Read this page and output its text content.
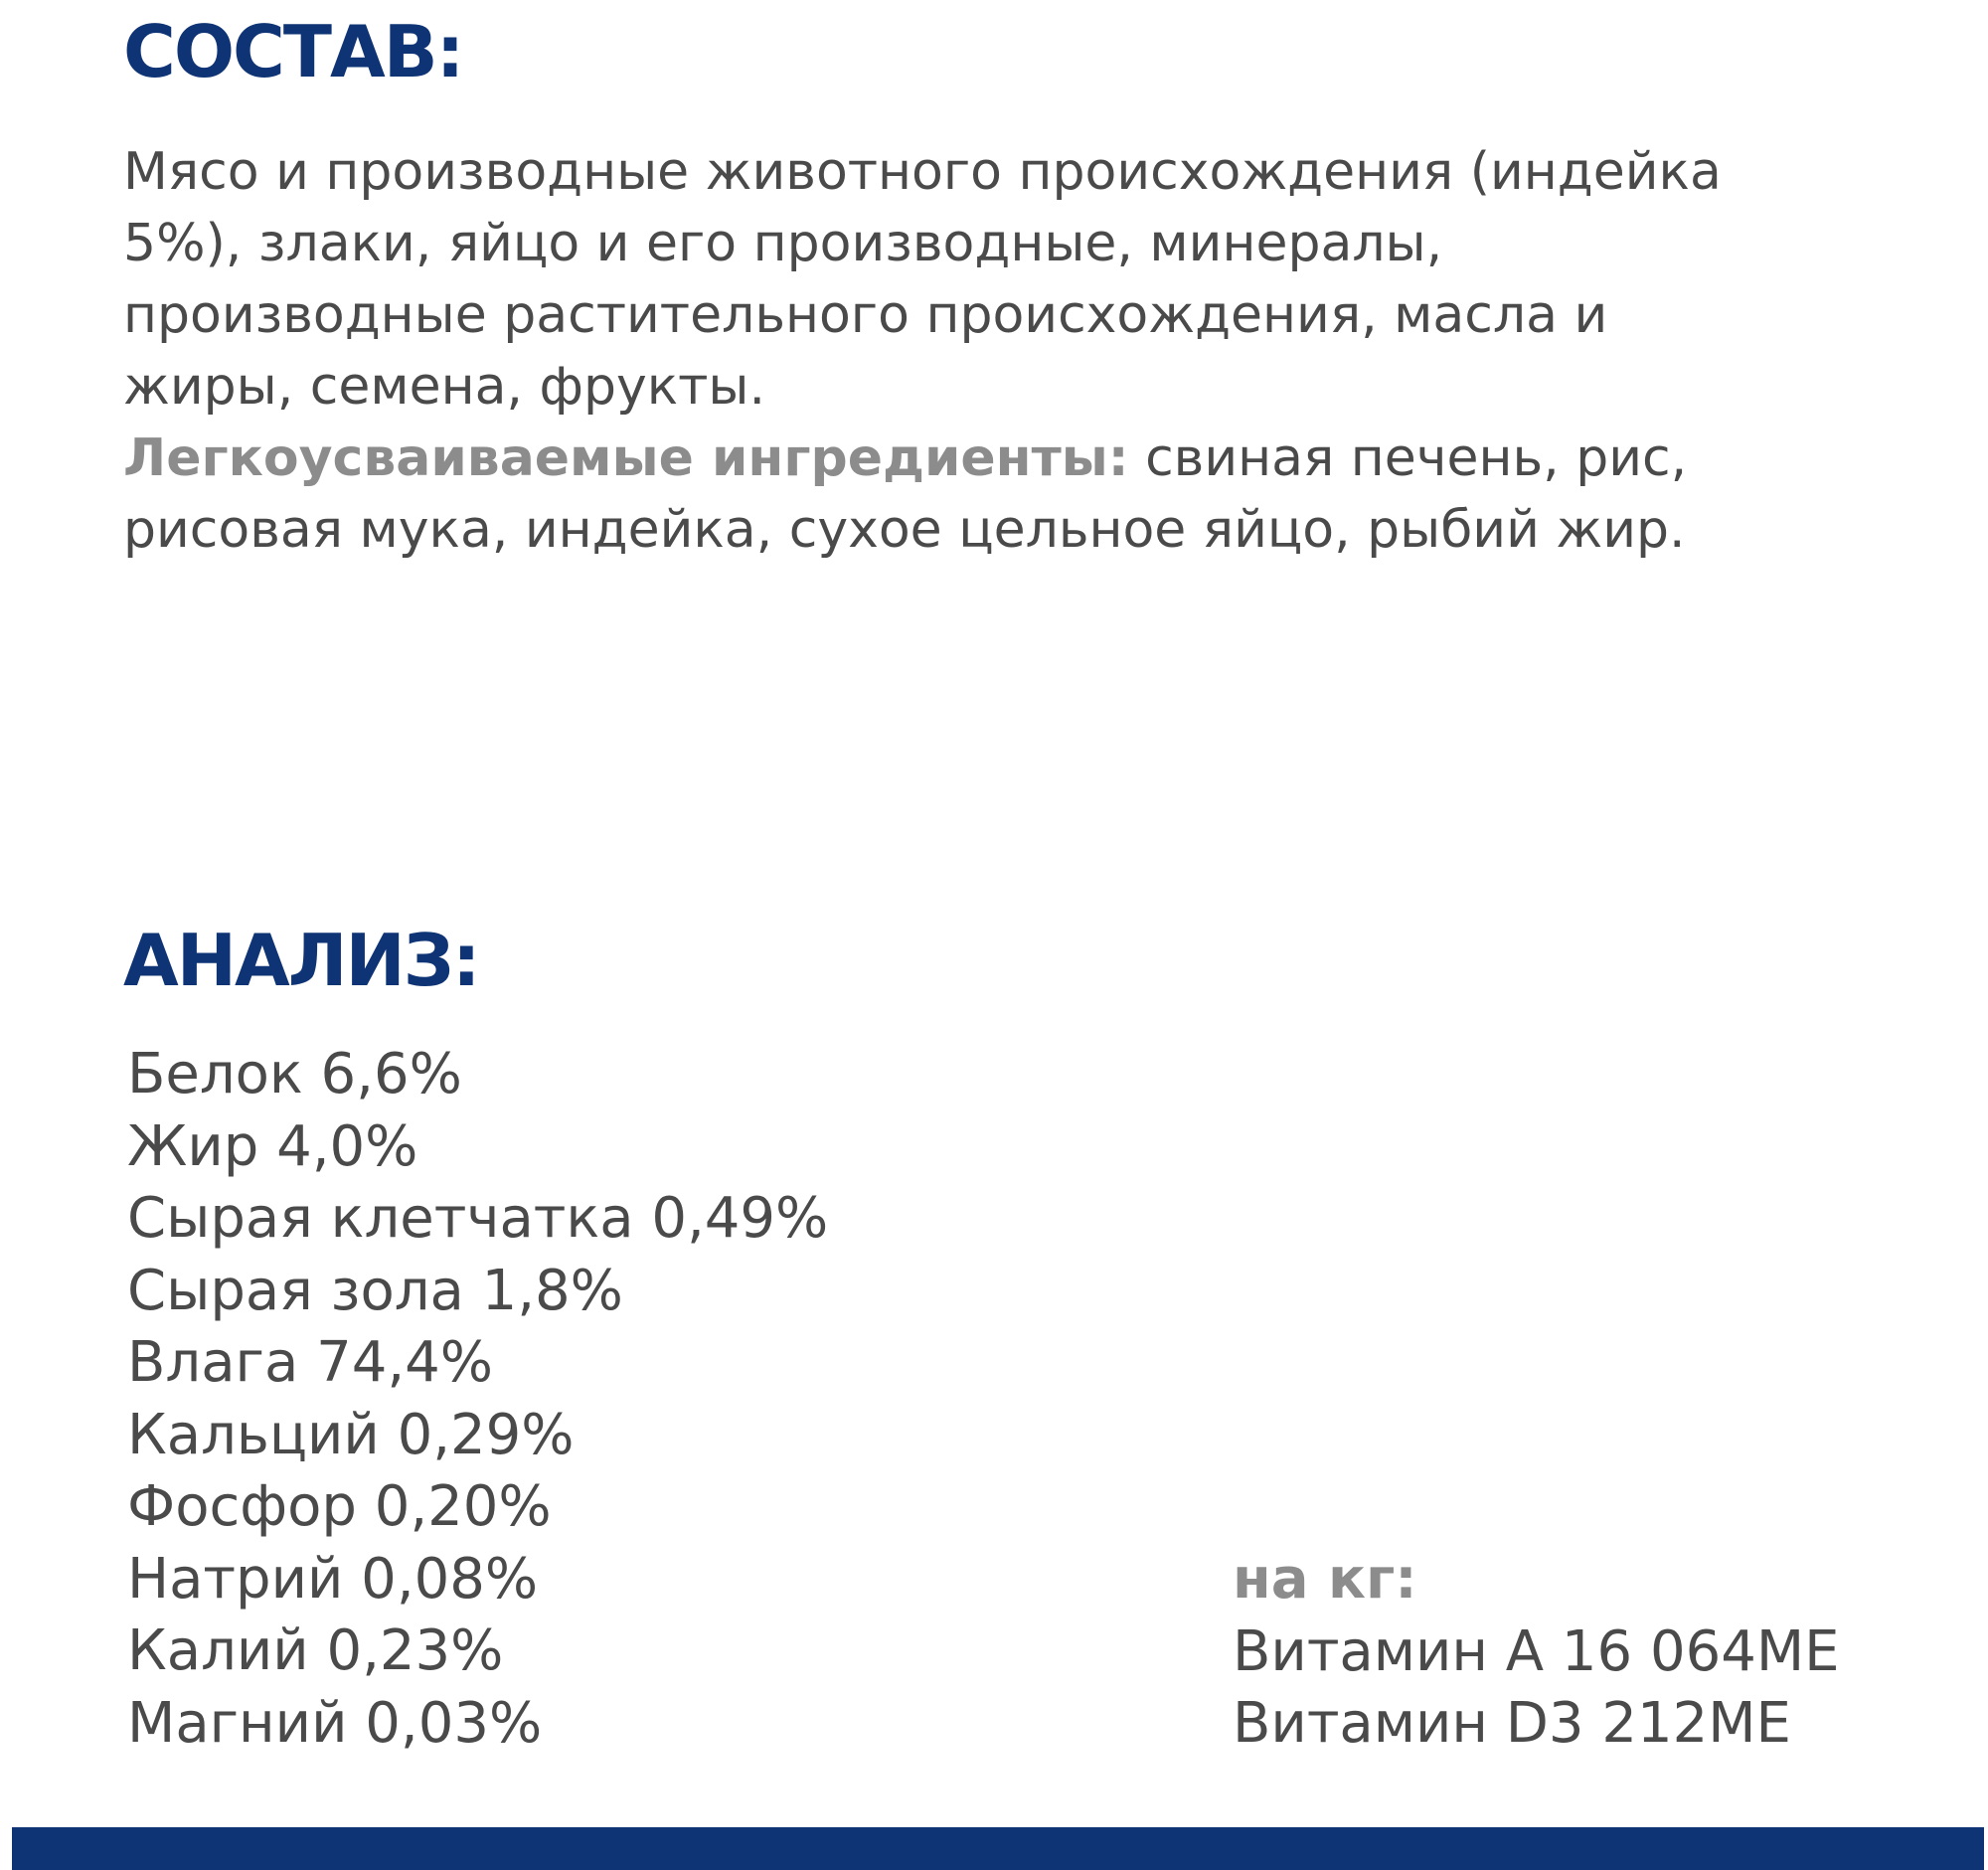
СОСТАВ:
Мясо и производные животного происхождения (индейка
5%), злаки, яйцо и его производные, минералы,
производные растительного происхождения, масла и
жиры, семена, фрукты.
Легкоусваиваемые ингредиенты: свиная печень, рис,
рисовая мука, индейка, сухое цельное яйцо, рыбий жир.
АНАЛИЗ:
Белок 6,6%
Жир 4,0%
Сырая клетчатка 0,49%
Сырая зола 1,8%
Влага 74,4%
Кальций 0,29%
Фосфор 0,20%
Натрий 0,08%
Калий 0,23%
Магний 0,03%
на кг:
Витамин A 16 064МЕ
Витамин D3 212МЕ
